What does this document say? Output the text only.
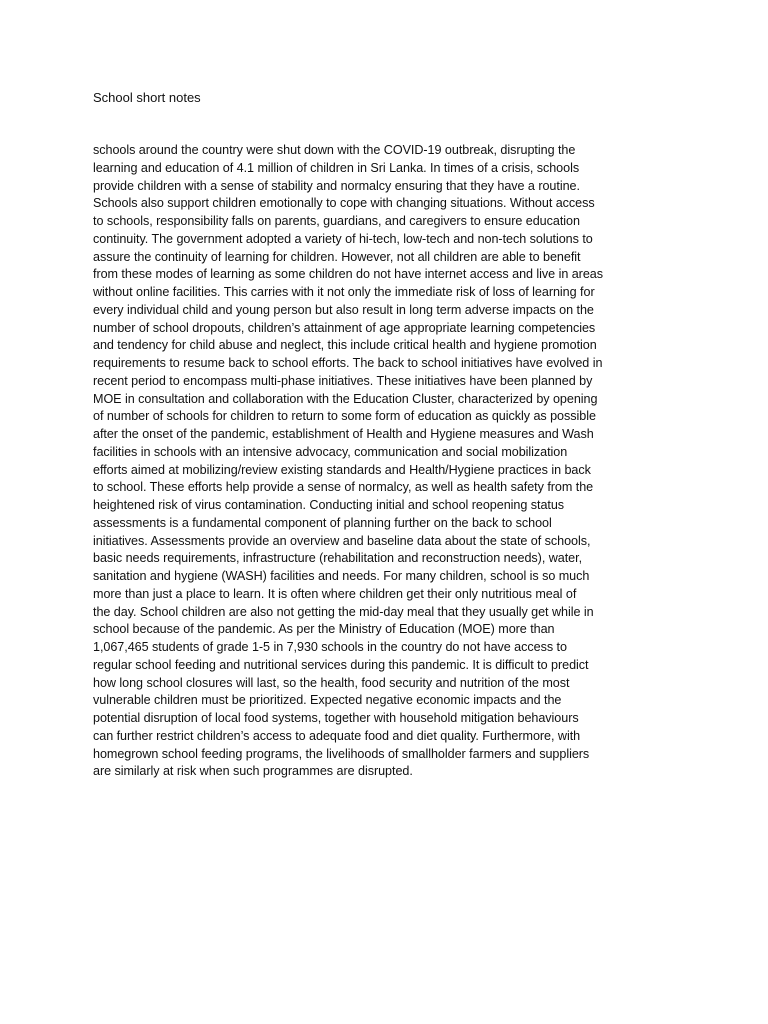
School short notes
schools around the country were shut down with the COVID-19 outbreak, disrupting the
learning and education of 4.1 million of children in Sri Lanka. In times of a crisis, schools
provide children with a sense of stability and normalcy ensuring that they have a routine.
Schools also support children emotionally to cope with changing situations. Without access
to schools, responsibility falls on parents, guardians, and caregivers to ensure education
continuity. The government adopted a variety of hi-tech, low-tech and non-tech solutions to
assure the continuity of learning for children. However, not all children are able to benefit
from these modes of learning as some children do not have internet access and live in areas
without online facilities. This carries with it not only the immediate risk of loss of learning for
every individual child and young person but also result in long term adverse impacts on the
number of school dropouts, children’s attainment of age appropriate learning competencies
and tendency for child abuse and neglect, this include critical health and hygiene promotion
requirements to resume back to school efforts. The back to school initiatives have evolved in
recent period to encompass multi-phase initiatives. These initiatives have been planned by
MOE in consultation and collaboration with the Education Cluster, characterized by opening
of number of schools for children to return to some form of education as quickly as possible
after the onset of the pandemic, establishment of Health and Hygiene measures and Wash
facilities in schools with an intensive advocacy, communication and social mobilization
efforts aimed at mobilizing/review existing standards and Health/Hygiene practices in back
to school. These efforts help provide a sense of normalcy, as well as health safety from the
heightened risk of virus contamination. Conducting initial and school reopening status
assessments is a fundamental component of planning further on the back to school
initiatives. Assessments provide an overview and baseline data about the state of schools,
basic needs requirements, infrastructure (rehabilitation and reconstruction needs), water,
sanitation and hygiene (WASH) facilities and needs. For many children, school is so much
more than just a place to learn. It is often where children get their only nutritious meal of
the day. School children are also not getting the mid-day meal that they usually get while in
school because of the pandemic. As per the Ministry of Education (MOE) more than
1,067,465 students of grade 1-5 in 7,930 schools in the country do not have access to
regular school feeding and nutritional services during this pandemic. It is difficult to predict
how long school closures will last, so the health, food security and nutrition of the most
vulnerable children must be prioritized. Expected negative economic impacts and the
potential disruption of local food systems, together with household mitigation behaviours
can further restrict children’s access to adequate food and diet quality. Furthermore, with
homegrown school feeding programs, the livelihoods of smallholder farmers and suppliers
are similarly at risk when such programmes are disrupted.
